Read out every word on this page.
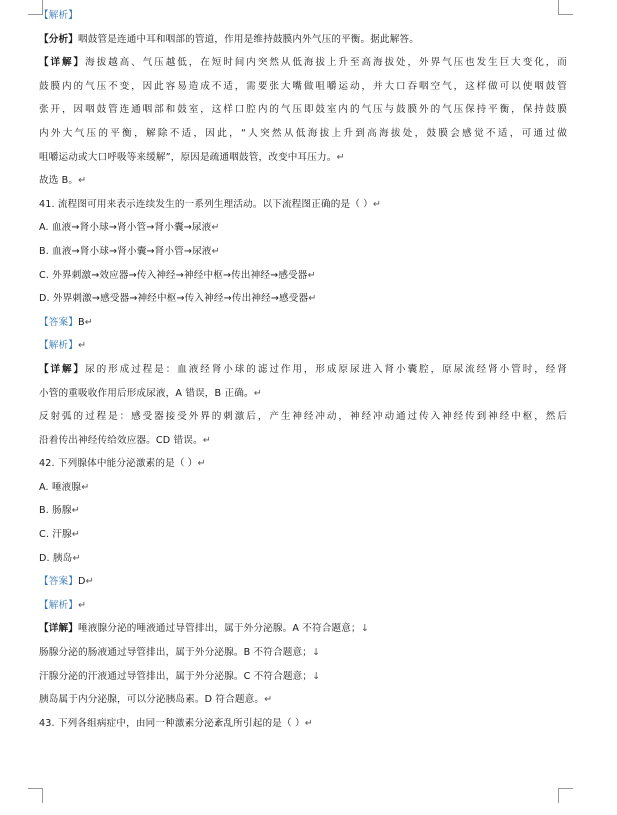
【解析】
【分析】咽鼓管是连通中耳和咽部的管道，作用是维持鼓膜内外气压的平衡。据此解答。
【详解】海拔越高、气压越低，在短时间内突然从低海拔上升至高海拔处，外界气压也发生巨大变化，而
鼓膜内的气压不变，因此容易造成不适，需要张大嘴做咀嚼运动，并大口吞咽空气，这样做可以使咽鼓管
张开，因咽鼓管连通咽部和鼓室，这样口腔内的气压即鼓室内的气压与鼓膜外的气压保持平衡，保持鼓膜
内外大气压的平衡，解除不适，因此，“人突然从低海拔上升到高海拔处，鼓膜会感觉不适，可通过做
咀嚼运动或大口呼吸等来缓解”，原因是疏通咽鼓管，改变中耳压力。↵
故选 B。↵
41. 流程图可用来表示连续发生的一系列生理活动。以下流程图正确的是（ ）↵
A. 血液→肾小球→肾小管→肾小囊→尿液↵
B. 血液→肾小球→肾小囊→肾小管→尿液↵
C. 外界刺激→效应器→传入神经→神经中枢→传出神经→感受器↵
D. 外界刺激→感受器→神经中枢→传入神经→传出神经→感受器↵
【答案】B↵
【解析】↵
【详解】尿的形成过程是：血液经肾小球的滤过作用，形成原尿进入肾小囊腔，原尿流经肾小管时，经肾
小管的重吸收作用后形成尿液，A 错误，B 正确。↵
反射弧的过程是：感受器接受外界的刺激后，产生神经冲动，神经冲动通过传入神经传到神经中枢，然后
沿着传出神经传给效应器。CD 错误。↵
42. 下列腺体中能分泌激素的是（ ）↵
A. 唾液腺↵
B. 肠腺↵
C. 汗腺↵
D. 胰岛↵
【答案】D↵
【解析】↵
【详解】唾液腺分泌的唾液通过导管排出，属于外分泌腺。A 不符合题意；↓
肠腺分泌的肠液通过导管排出，属于外分泌腺。B 不符合题意；↓
汗腺分泌的汗液通过导管排出，属于外分泌腺。C 不符合题意；↓
胰岛属于内分泌腺，可以分泌胰岛素。D 符合题意。↵
43. 下列各组病症中，由同一种激素分泌紊乱所引起的是（ ）↵
